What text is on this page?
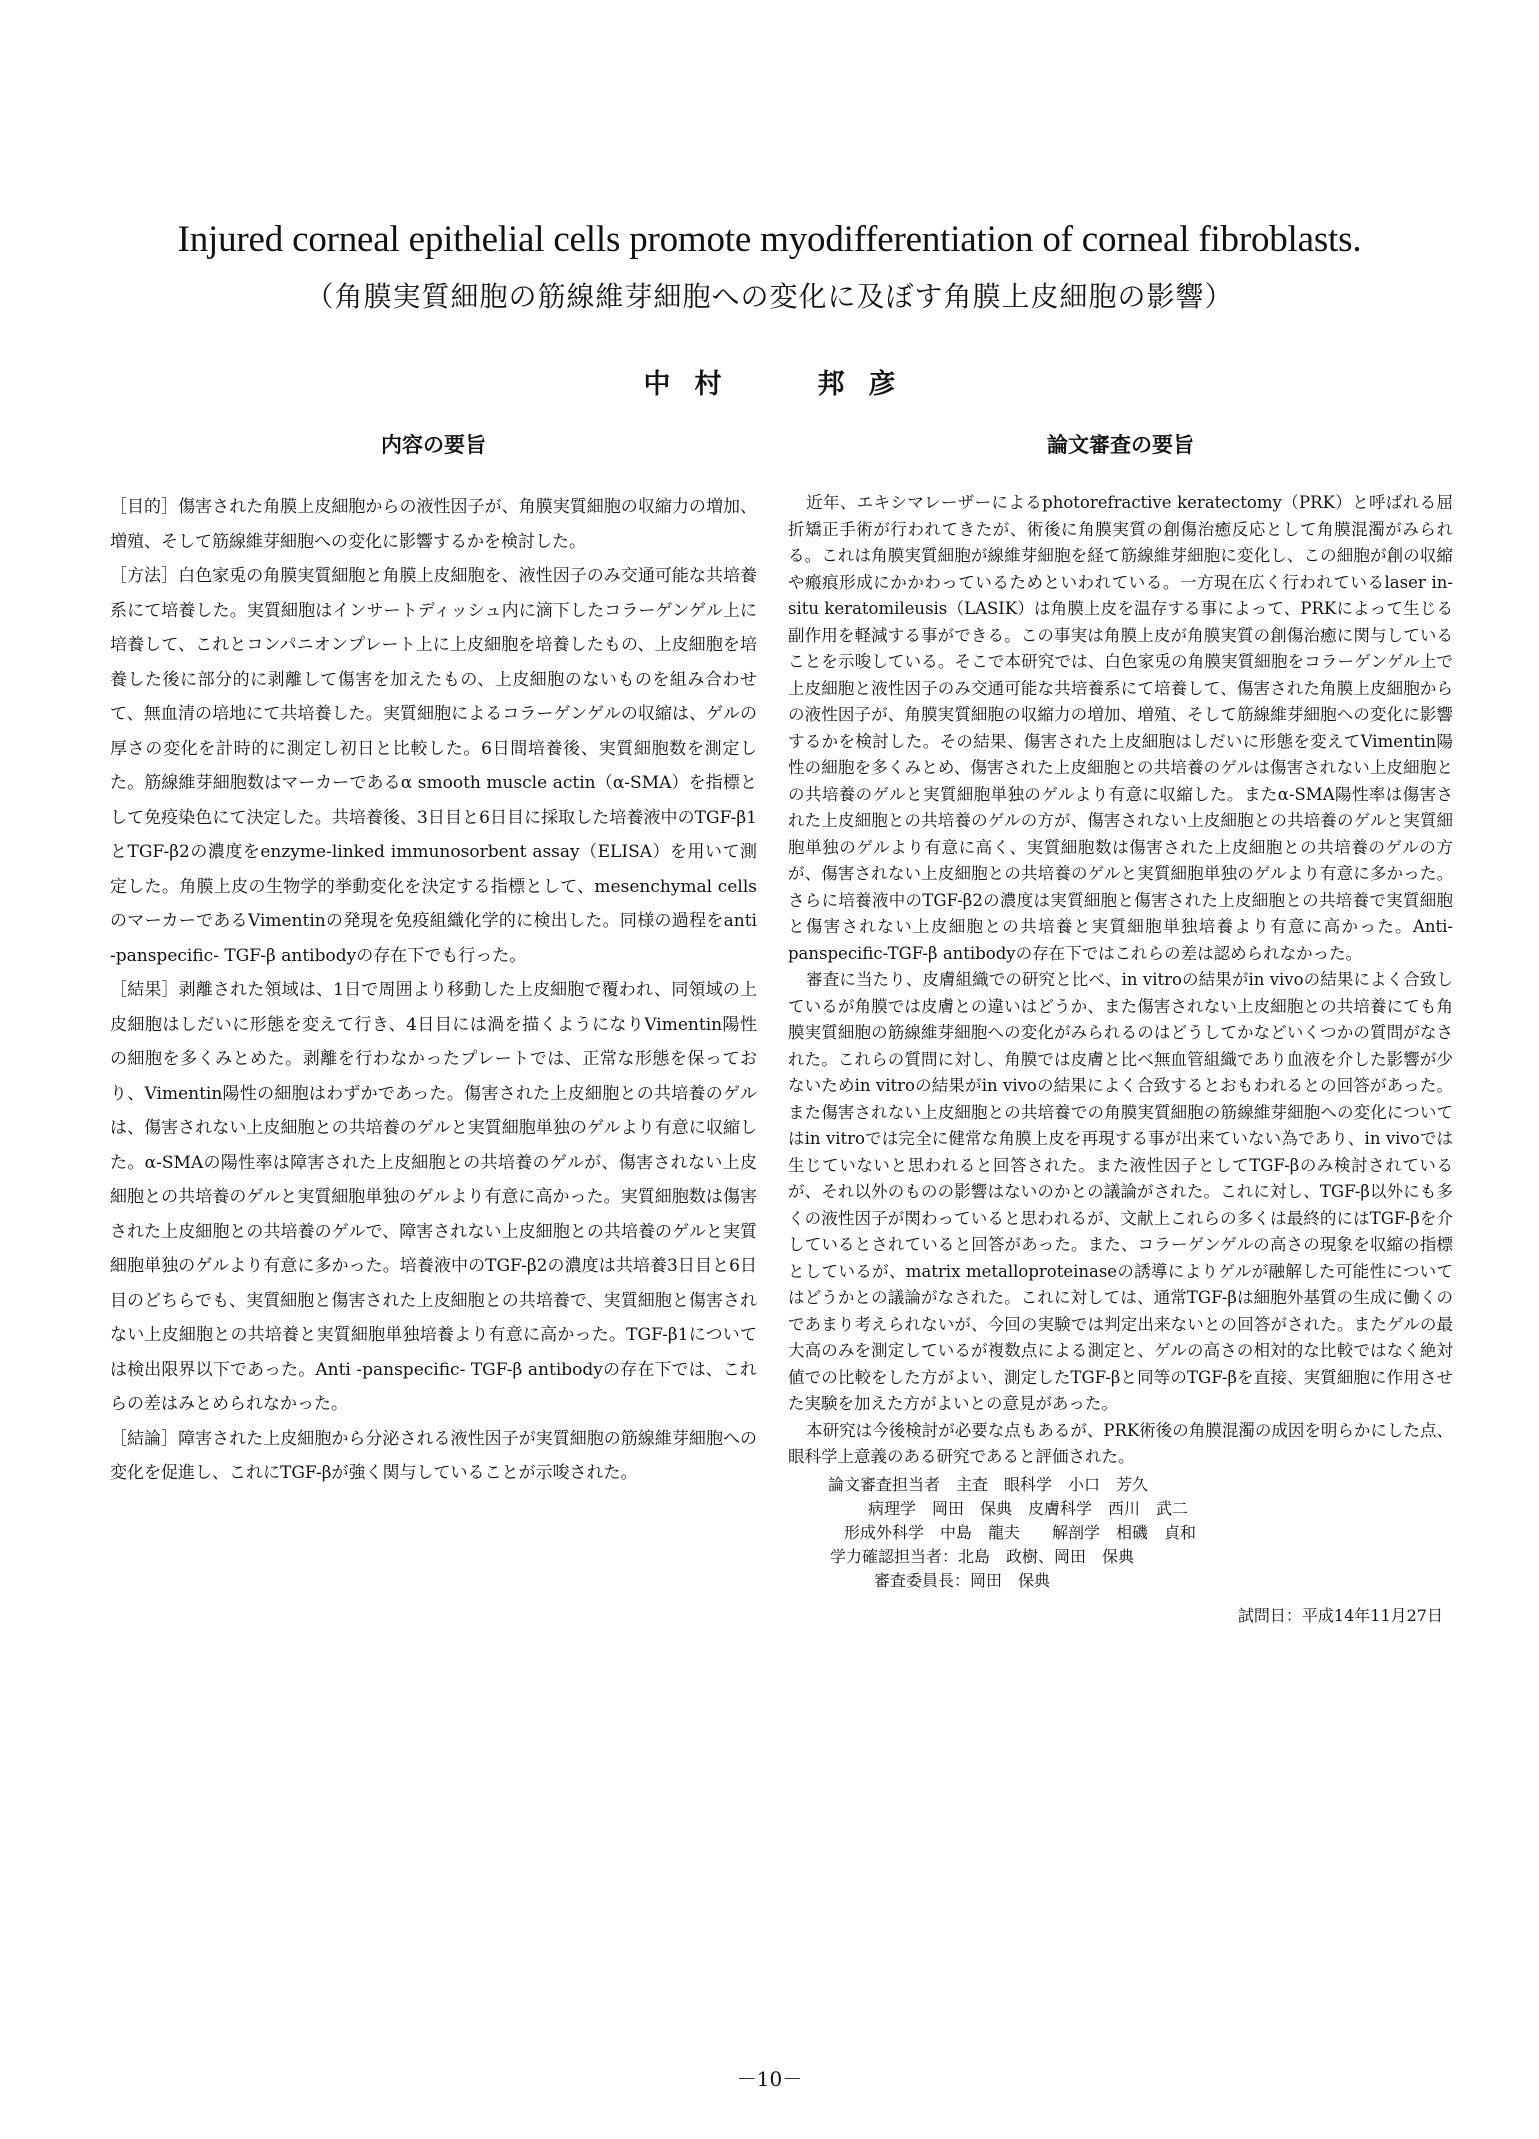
Injured corneal epithelial cells promote myodifferentiation of corneal fibroblasts.
（角膜実質細胞の筋線維芽細胞への変化に及ぼす角膜上皮細胞の影響）
中 村	邦 彦
内容の要旨

［目的］傷害された角膜上皮細胞からの液性因子が、角膜実質細胞の収縮力の増加、増殖、そして筋線維芽細胞への変化に影響するかを検討した。

［方法］白色家兎の角膜実質細胞と角膜上皮細胞を、液性因子のみ交通可能な共培養系にて培養した。実質細胞はインサートディッシュ内に滴下したコラーゲンゲル上に培養して、これとコンパニオンプレート上に上皮細胞を培養したもの、上皮細胞を培養した後に部分的に剥離して傷害を加えたもの、上皮細胞のないものを組み合わせて、無血清の培地にて共培養した。実質細胞によるコラーゲンゲルの収縮は、ゲルの厚さの変化を計時的に測定し初日と比較した。6日間培養後、実質細胞数を測定した。筋線維芽細胞数はマーカーであるα smooth muscle actin（α-SMA）を指標として免疫染色にて決定した。共培養後、3日目と6日目に採取した培養液中のTGF-β1とTGF-β2の濃度をenzyme-linked immunosorbent assay（ELISA）を用いて測定した。角膜上皮の生物学的挙動変化を決定する指標として、mesenchymal cellsのマーカーであるVimentinの発現を免疫組織化学的に検出した。同様の過程をanti -panspecific- TGF-β antibodyの存在下でも行った。

［結果］剥離された領域は、1日で周囲より移動した上皮細胞で覆われ、同領域の上皮細胞はしだいに形態を変えて行き、4日目には渦を描くようになりVimentin陽性の細胞を多くみとめた。剥離を行わなかったプレートでは、正常な形態を保っており、Vimentin陽性の細胞はわずかであった。傷害された上皮細胞との共培養のゲルは、傷害されない上皮細胞との共培養のゲルと実質細胞単独のゲルより有意に収縮した。α-SMAの陽性率は障害された上皮細胞との共培養のゲルが、傷害されない上皮細胞との共培養のゲルと実質細胞単独のゲルより有意に高かった。実質細胞数は傷害された上皮細胞との共培養のゲルで、障害されない上皮細胞との共培養のゲルと実質細胞単独のゲルより有意に多かった。培養液中のTGF-β2の濃度は共培養3日目と6日目のどちらでも、実質細胞と傷害された上皮細胞との共培養で、実質細胞と傷害されない上皮細胞との共培養と実質細胞単独培養より有意に高かった。TGF-β1については検出限界以下であった。Anti -panspecific- TGF-β antibodyの存在下では、これらの差はみとめられなかった。

［結論］障害された上皮細胞から分泌される液性因子が実質細胞の筋線維芽細胞への変化を促進し、これにTGF-βが強く関与していることが示唆された。

論文審査の要旨

近年、エキシマレーザーによるphotorefractive keratectomy（PRK）と呼ばれる屈折矯正手術が行われてきたが、術後に角膜実質の創傷治癒反応として角膜混濁がみられる。これは角膜実質細胞が線維芽細胞を経て筋線維芽細胞に変化し、この細胞が創の収縮や瘢痕形成にかかわっているためといわれている。一方現在広く行われているlaser in-situ keratomileusis（LASIK）は角膜上皮を温存する事によって、PRKによって生じる副作用を軽減する事ができる。この事実は角膜上皮が角膜実質の創傷治癒に関与していることを示唆している。そこで本研究では、白色家兎の角膜実質細胞をコラーゲンゲル上で上皮細胞と液性因子のみ交通可能な共培養系にて培養して、傷害された角膜上皮細胞からの液性因子が、角膜実質細胞の収縮力の増加、増殖、そして筋線維芽細胞への変化に影響するかを検討した。その結果、傷害された上皮細胞はしだいに形態を変えてVimentin陽性の細胞を多くみとめ、傷害された上皮細胞との共培養のゲルは傷害されない上皮細胞との共培養のゲルと実質細胞単独のゲルより有意に収縮した。またα-SMA陽性率は傷害された上皮細胞との共培養のゲルの方が、傷害されない上皮細胞との共培養のゲルと実質細胞単独のゲルより有意に高く、実質細胞数は傷害された上皮細胞との共培養のゲルの方が、傷害されない上皮細胞との共培養のゲルと実質細胞単独のゲルより有意に多かった。さらに培養液中のTGF-β2の濃度は実質細胞と傷害された上皮細胞との共培養で実質細胞と傷害されない上皮細胞との共培養と実質細胞単独培養より有意に高かった。Anti-panspecific-TGF-β antibodyの存在下ではこれらの差は認められなかった。

審査に当たり、皮膚組織での研究と比べ、in vitroの結果がin vivoの結果によく合致しているが角膜では皮膚との違いはどうか、また傷害されない上皮細胞との共培養にても角膜実質細胞の筋線維芽細胞への変化がみられるのはどうしてかなどいくつかの質問がなされた。これらの質問に対し、角膜では皮膚と比べ無血管組織であり血液を介した影響が少ないためin vitroの結果がin vivoの結果によく合致するとおもわれるとの回答があった。また傷害されない上皮細胞との共培養での角膜実質細胞の筋線維芽細胞への変化についてはin vitroでは完全に健常な角膜上皮を再現する事が出来ていない為であり、in vivoでは生じていないと思われると回答された。また液性因子としてTGF-βのみ検討されているが、それ以外のものの影響はないのかとの議論がされた。これに対し、TGF-β以外にも多くの液性因子が関わっていると思われるが、文献上これらの多くは最終的にはTGF-βを介しているとされていると回答があった。また、コラーゲンゲルの高さの現象を収縮の指標としているが、matrix metalloproteinaseの誘導によりゲルが融解した可能性についてはどうかとの議論がなされた。これに対しては、通常TGF-βは細胞外基質の生成に働くのであまり考えられないが、今回の実験では判定出来ないとの回答がされた。またゲルの最大高のみを測定しているが複数点による測定と、ゲルの高さの相対的な比較ではなく絶対値での比較をした方がよい、測定したTGF-βと同等のTGF-βを直接、実質細胞に作用させた実験を加えた方がよいとの意見があった。

本研究は今後検討が必要な点もあるが、PRK術後の角膜混濁の成因を明らかにした点、眼科学上意義のある研究であると評価された。

論文審査担当者　主査　眼科学　小口　芳久
病理学　岡田　保典　皮膚科学　西川　武二
形成外科学　中島　龍夫　　解剖学　相磯　貞和
学力確認担当者：北島　政樹、岡田　保典
審査委員長：岡田　保典
試問日：平成14年11月27日
－10－
